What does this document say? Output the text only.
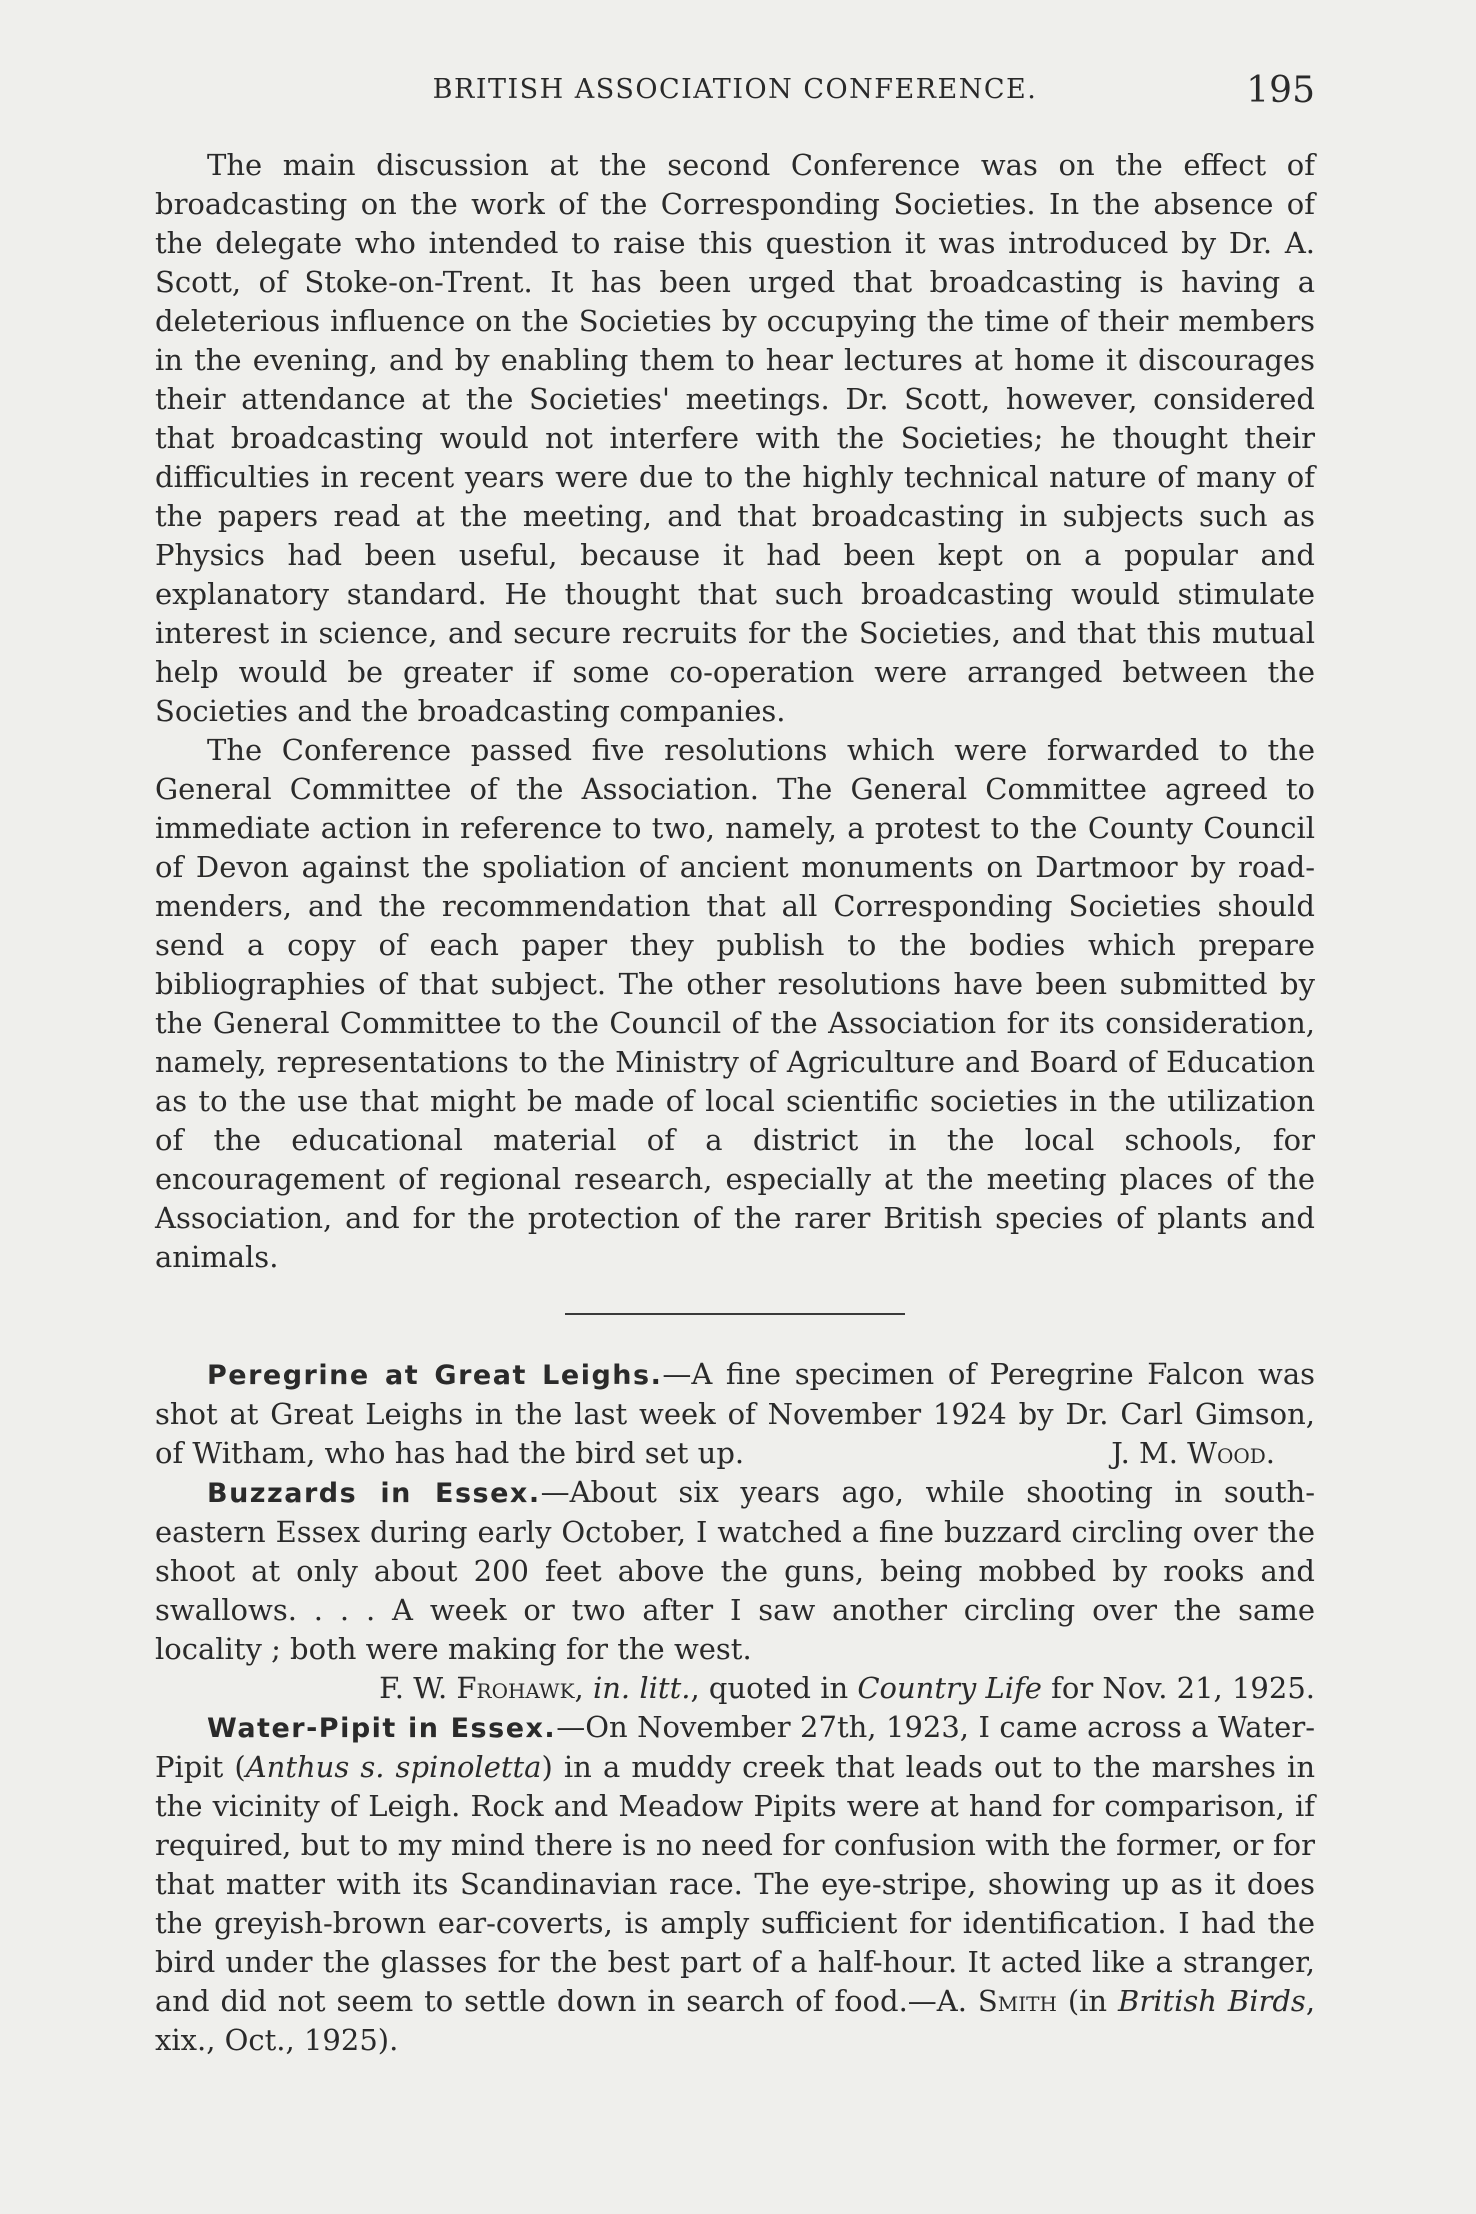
BRITISH ASSOCIATION CONFERENCE.	195

The main discussion at the second Conference was on the effect of broadcasting on the work of the Corresponding Societies. In the absence of the delegate who intended to raise this question it was introduced by Dr. A. Scott, of Stoke-on-Trent. It has been urged that broadcasting is having a deleterious influence on the Societies by occupying the time of their members in the evening, and by enabling them to hear lectures at home it discourages their attendance at the Societies' meetings. Dr. Scott, however, considered that broadcasting would not interfere with the Societies; he thought their difficulties in recent years were due to the highly technical nature of many of the papers read at the meeting, and that broadcasting in subjects such as Physics had been useful, because it had been kept on a popular and explanatory standard. He thought that such broadcasting would stimulate interest in science, and secure recruits for the Societies, and that this mutual help would be greater if some co-operation were arranged between the Societies and the broadcasting companies.

The Conference passed five resolutions which were forwarded to the General Committee of the Association. The General Committee agreed to immediate action in reference to two, namely, a protest to the County Council of Devon against the spoliation of ancient monuments on Dartmoor by road-menders, and the recommendation that all Corresponding Societies should send a copy of each paper they publish to the bodies which prepare bibliographies of that subject. The other resolutions have been submitted by the General Committee to the Council of the Association for its consideration, namely, representations to the Ministry of Agriculture and Board of Education as to the use that might be made of local scientific societies in the utilization of the educational material of a district in the local schools, for encouragement of regional research, especially at the meeting places of the Association, and for the protection of the rarer British species of plants and animals.

Peregrine at Great Leighs.—A fine specimen of Peregrine Falcon was shot at Great Leighs in the last week of November 1924 by Dr. Carl Gimson, of Witham, who has had the bird set up.	J. M. Wood.

Buzzards in Essex.—About six years ago, while shooting in south-eastern Essex during early October, I watched a fine buzzard circling over the shoot at only about 200 feet above the guns, being mobbed by rooks and swallows. . . . A week or two after I saw another circling over the same locality ; both were making for the west.

F. W. Frohawk, in. litt., quoted in Country Life for Nov. 21, 1925.

Water-Pipit in Essex.—On November 27th, 1923, I came across a Water-Pipit (Anthus s. spinoletta) in a muddy creek that leads out to the marshes in the vicinity of Leigh. Rock and Meadow Pipits were at hand for comparison, if required, but to my mind there is no need for confusion with the former, or for that matter with its Scandinavian race. The eye-stripe, showing up as it does the greyish-brown ear-coverts, is amply sufficient for identification. I had the bird under the glasses for the best part of a half-hour. It acted like a stranger, and did not seem to settle down in search of food.—A. Smith (in British Birds, xix., Oct., 1925).
